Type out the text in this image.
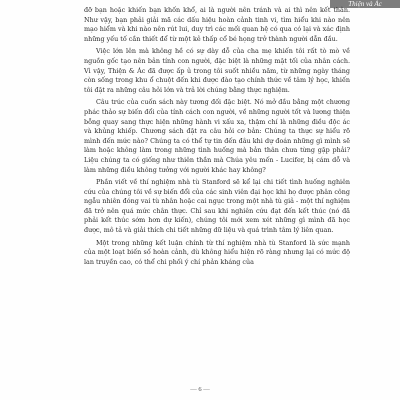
Thiện và Ác

đỡ bạn hoặc khiến bạn khốn khổ, ai là người nên tránh và ai thì nên kết thân. Như vậy, bạn phải giải mã các dấu hiệu hoàn cảnh tinh vi, tìm hiểu khi nào nên mạo hiểm và khi nào nên rút lui, duy trì các mối quan hệ có qua có lại và xác định những yếu tố cần thiết để từ một kẻ thấp cổ bé họng trở thành người dẫn đầu.

Việc lớn lên mà không hề có sự dày dỗ của cha mẹ khiến tôi rất tò mò về nguồn gốc tạo nên bản tính con người, đặc biệt là những mặt tối của nhân cách. Vì vậy, Thiện & Ác đã được ấp ủ trong tôi suốt nhiều năm, từ những ngày tháng còn sống trong khu ổ chuột đến khi được đào tạo chính thức về tâm lý học, khiến tôi đặt ra những câu hỏi lớn và trả lời chúng bằng thực nghiệm.

Câu trúc của cuốn sách này tương đối đặc biệt. Nó mở đầu bằng một chương phác thảo sự biến đổi của tính cách con người, về những người tốt và lương thiện bỗng quay sang thực hiện những hành vi xấu xa, thậm chí là những điều độc ác và khủng khiếp. Chương sách đặt ra câu hỏi cơ bản: Chúng ta thực sự hiểu rõ mình đến mức nào? Chúng ta có thể tự tin đến đâu khi dự đoán những gì mình sẽ làm hoặc không làm trong những tình huống mà bản thân chưa từng gặp phải? Liệu chúng ta có giống như thiên thần mà Chúa yêu mến - Lucifer, bị cám dỗ và làm những điều không tưởng với người khác hay không?

Phần viết về thí nghiệm nhà tù Stanford sẽ kể lại chi tiết tình huống nghiên cứu của chúng tôi về sự biến đổi của các sinh viên đại học khi họ được phân công ngẫu nhiên đóng vai tù nhân hoặc cai ngục trong một nhà tù giả - một thí nghiệm đã trở nên quá mức chân thực. Chỉ sau khi nghiên cứu đạt đến kết thúc (nó đã phải kết thúc sớm hơn dự kiến), chúng tôi mới xem xét những gì mình đã học được, mô tả và giải thích chi tiết những dữ liệu và quá trình tâm lý liên quan.

Một trong những kết luận chính từ thí nghiệm nhà tù Stanford là sức mạnh của một loạt biến số hoàn cảnh, dù không hiểu hiện rõ ràng nhưng lại có mức độ lan truyền cao, có thể chi phối ý chí phản kháng của

— 6 —
